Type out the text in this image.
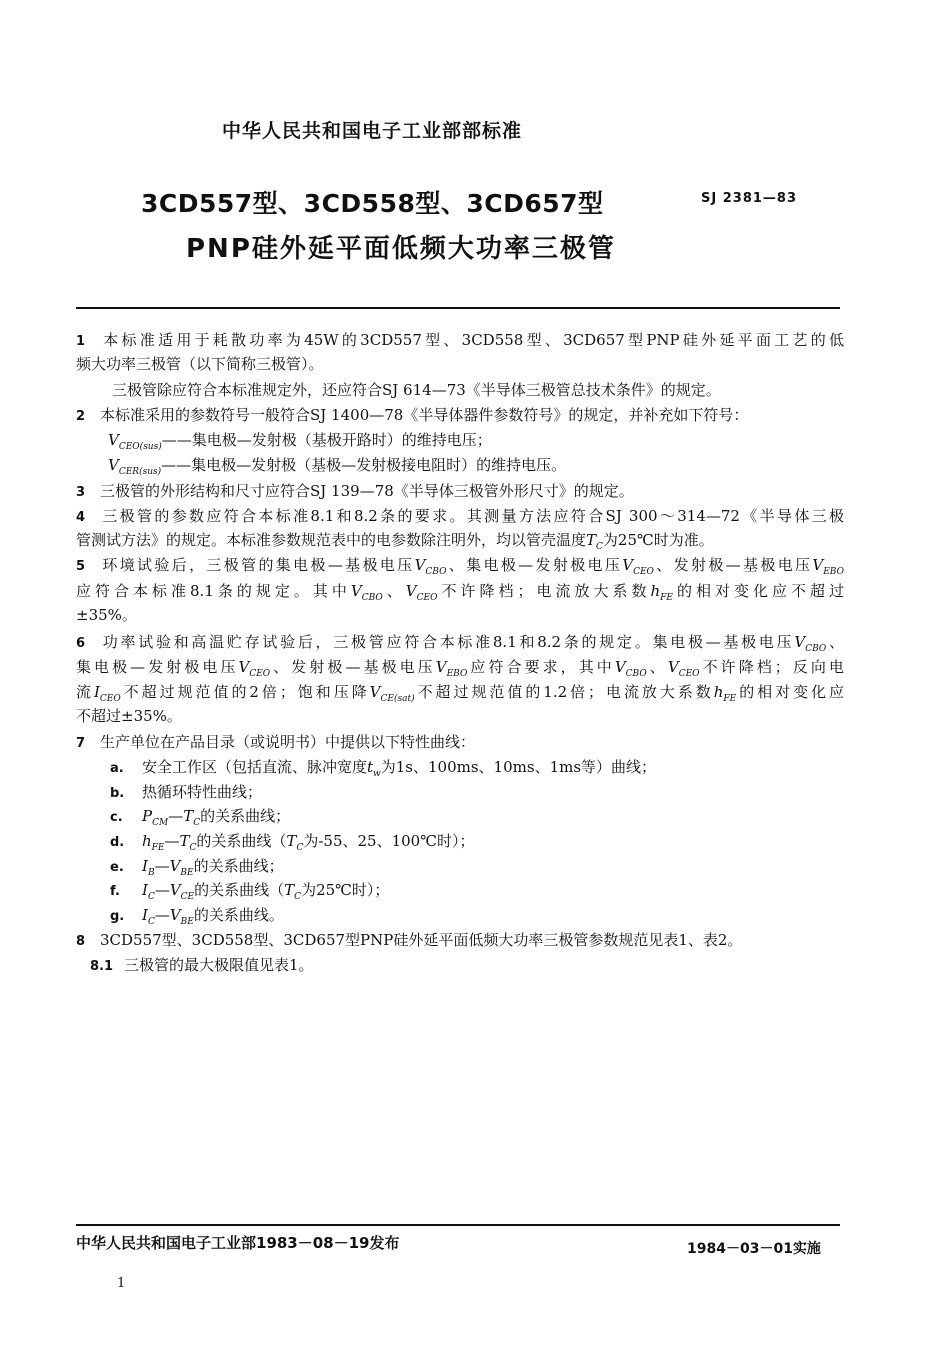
中华人民共和国电子工业部部标准
3CD557型、3CD558型、3CD657型
PNP硅外延平面低频大功率三极管
SJ 2381—83
1 本标准适用于耗散功率为45W的3CD557型、3CD558型、3CD657型PNP硅外延平面工艺的低
频大功率三极管（以下简称三极管）。
三极管除应符合本标准规定外，还应符合SJ 614—73《半导体三极管总技术条件》的规定。
2 本标准采用的参数符号一般符合SJ 1400—78《半导体器件参数符号》的规定，并补充如下符号：
$V_{CEO(sus)}——$集电极—发射极（基极开路时）的维持电压；
$V_{CER(sus)}——$集电极—发射极（基极—发射极接电阻时）的维持电压。
3 三极管的外形结构和尺寸应符合SJ 139—78《半导体三极管外形尺寸》的规定。
4 三极管的参数应符合本标准8.1和8.2条的要求。其测量方法应符合SJ 300～314—72《半导体三极
管测试方法》的规定。本标准参数规范表中的电参数除注明外，均以管壳温度$T_C$为25℃时为准。
5 环境试验后，三极管的集电极—基极电压$V_{CBO}$、集电极—发射极电压$V_{CEO}$、发射极—基极电压$V_{EBO}$
应符合本标准8.1条的规定。其中$V_{CBO}$、$V_{CEO}$不许降档；电流放大系数$h_{FE}$的相对变化应不超过
±35%。
6 功率试验和高温贮存试验后，三极管应符合本标准8.1和8.2条的规定。集电极—基极电压$V_{CBO}$、
集电极—发射极电压$V_{CEO}$、发射极—基极电压$V_{EBO}$应符合要求，其中$V_{CBO}$、$V_{CEO}$不许降档；反向电
流$I_{CEO}$不超过规范值的2倍；饱和压降$V_{CE(sat)}$不超过规范值的1.2倍；电流放大系数$h_{FE}$的相对变化应
不超过±35%。
7 生产单位在产品目录（或说明书）中提供以下特性曲线：
a. 安全工作区（包括直流、脉冲宽度$t_w$为1s、100ms、10ms、1ms等）曲线；
b. 热循环特性曲线；
c. $P_{CM}—T_C$的关系曲线；
d. $h_{FE}—T_C$的关系曲线（$T_C$为-55、25、100℃时）；
e. $I_B—V_{BE}$的关系曲线；
f. $I_C—V_{CE}$的关系曲线（$T_C$为25℃时）；
g. $I_C—V_{BE}$的关系曲线。
8 3CD557型、3CD558型、3CD657型PNP硅外延平面低频大功率三极管参数规范见表1、表2。
8.1 三极管的最大极限值见表1。
中华人民共和国电子工业部1983－08－19发布	1984－03－01实施
1
